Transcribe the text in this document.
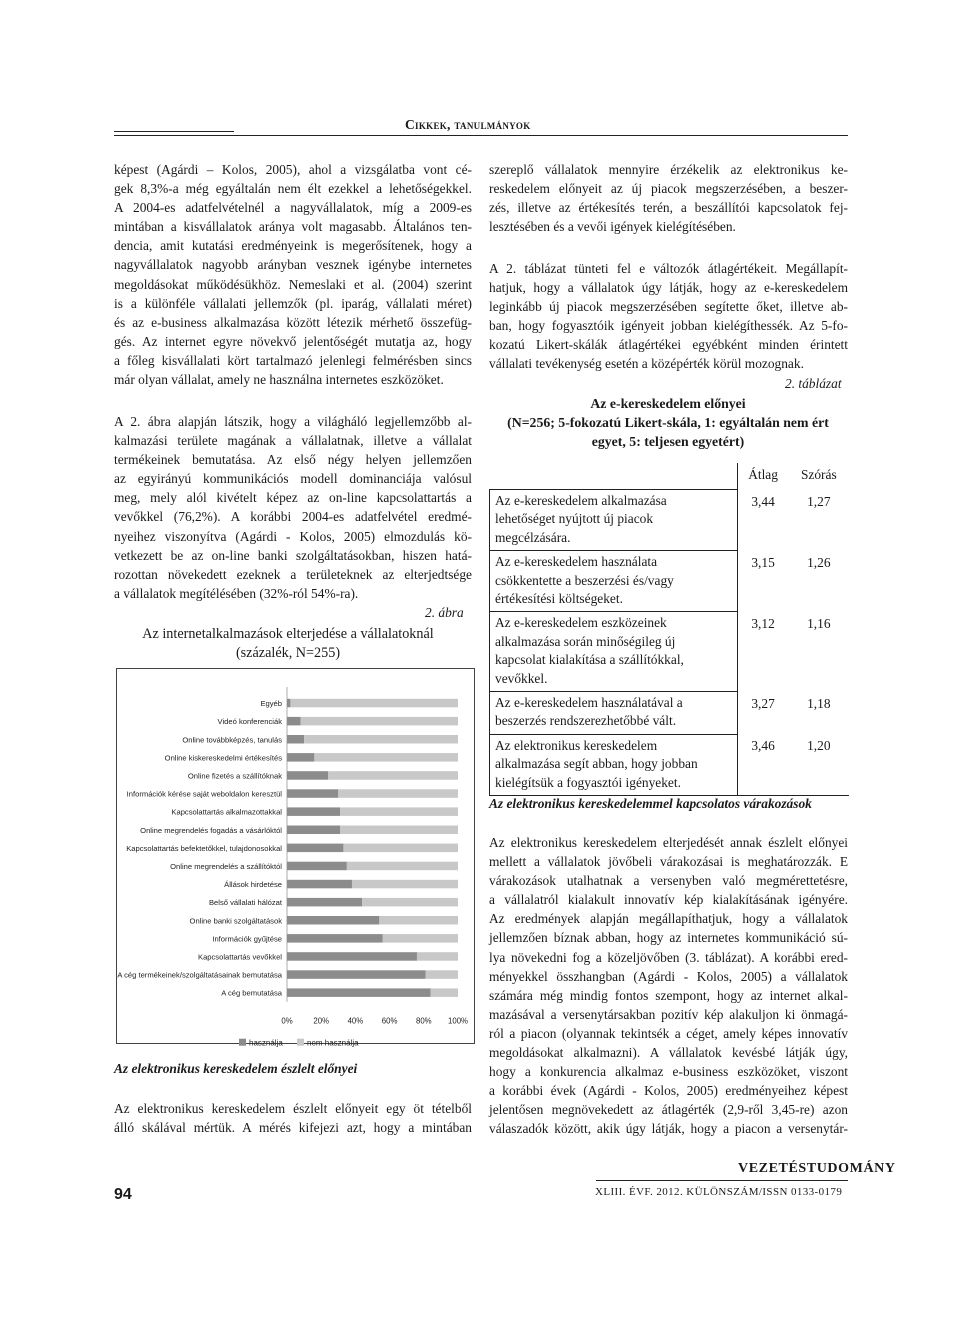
Cikkek, tanulmányok
képest (Agárdi – Kolos, 2005), ahol a vizsgálatba vont cé-
gek 8,3%-a még egyáltalán nem élt ezekkel a lehetőségekkel.
A 2004-es adatfelvételnél a nagyvállalatok, míg a 2009-es
mintában a kisvállalatok aránya volt magasabb. Általános ten-
dencia, amit kutatási eredményeink is megerősítenek, hogy a
nagyvállalatok nagyobb arányban vesznek igénybe internetes
megoldásokat működésükhöz. Nemeslaki et al. (2004) szerint
is a különféle vállalati jellemzők (pl. iparág, vállalati méret)
és az e-business alkalmazása között létezik mérhető összefüg-
gés. Az internet egyre növekvő jelentőségét mutatja az, hogy
a főleg kisvállalati kört tartalmazó jelenlegi felmérésben sincs
már olyan vállalat, amely ne használna internetes eszközöket.
A 2. ábra alapján látszik, hogy a világháló legjellemzőbb al-
kalmazási területe magának a vállalatnak, illetve a vállalat
termékeinek bemutatása. Az első négy helyen jellemzően
az egyirányú kommunikációs modell dominanciája valósul
meg, mely alól kivételt képez az on-line kapcsolattartás a
vevőkkel (76,2%). A korábbi 2004-es adatfelvétel eredmé-
nyeihez viszonyítva (Agárdi - Kolos, 2005) elmozdulás kö-
vetkezett be az on-line banki szolgáltatásokban, hiszen hatá-
rozottan növekedett ezeknek a területeknek az elterjedtsége
a vállalatok megítélésében (32%-ról 54%-ra).
2. ábra
Az internetalkalmazások elterjedése a vállalatoknál
(százalék, N=255)
Egyéb
Videó konferenciák
Online továbbképzés, tanulás
Online kiskereskedelmi értékesítés
Online fizetés a szállítóknak
Információk kérése saját weboldalon keresztül
Kapcsolattartás alkalmazottakkal
Online megrendelés fogadás a vásárlóktól
Kapcsolattartás befektetőkkel, tulajdonosokkal
Online megrendelés a szállítóktól
Állások hirdetése
Belső vállalati hálózat
Online banki szolgáltatások
Információk gyűjtése
Kapcsolattartás vevőkkel
A cég termékeinek/szolgáltatásainak bemutatása
A cég bemutatása
0%	20% 40% 60% 80% 100%
használja	nem használja
Az elektronikus kereskedelem észlelt előnyei
Az elektronikus kereskedelem észlelt előnyeit egy öt tételből
álló skálával mértük. A mérés kifejezi azt, hogy a mintában
szereplő vállalatok mennyire érzékelik az elektronikus ke-
reskedelem előnyeit az új piacok megszerzésében, a beszer-
zés, illetve az értékesítés terén, a beszállítói kapcsolatok fej-
lesztésében és a vevői igények kielégítésében.
A 2. táblázat tünteti fel e változók átlagértékeit. Megállapít-
hatjuk, hogy a vállalatok úgy látják, hogy az e-kereskedelem
leginkább új piacok megszerzésében segítette őket, illetve ab-
ban, hogy fogyasztóik igényeit jobban kielégíthessék. Az 5-fo-
kozatú Likert-skálák átlagértékei egyébként minden érintett
vállalati tevékenység esetén a középérték körül mozognak.
2. táblázat
Az e-kereskedelem előnyei
(N=256; 5-fokozatú Likert-skála, 1: egyáltalán nem ért
egyet, 5: teljesen egyetért)
	Átlag	Szórás

Az e-kereskedelem alkalmazása
lehetőséget nyújtott új piacok
megcélzására.	3,44	1,27

Az e-kereskedelem használata
csökkentette a beszerzési és/vagy
értékesítési költségeket.	3,15	1,26

Az e-kereskedelem eszközeinek
alkalmazása során minőségileg új
kapcsolat kialakítása a szállítókkal,
vevőkkel.	3,12	1,16

Az e-kereskedelem használatával a
beszerzés rendszerezhetőbbé vált.	3,27	1,18

Az elektronikus kereskedelem
alkalmazása segít abban, hogy jobban
kielégítsük a fogyasztói igényeket.	3,46	1,20
Az elektronikus kereskedelemmel kapcsolatos várakozások
Az elektronikus kereskedelem elterjedését annak észlelt előnyei
mellett a vállalatok jövőbeli várakozásai is meghatározzák. E
várakozások utalhatnak a versenyben való megmérettetésre,
a vállalatról kialakult innovatív kép kialakításának igényére.
Az eredmények alapján megállapíthatjuk, hogy a vállalatok
jellemzően bíznak abban, hogy az internetes kommunikáció sú-
lya növekedni fog a közeljövőben (3. táblázat). A korábbi ered-
ményekkel összhangban (Agárdi - Kolos, 2005) a vállalatok
számára még mindig fontos szempont, hogy az internet alkal-
mazásával a versenytársakban pozitív kép alakuljon ki önmagá-
ról a piacon (olyannak tekintsék a céget, amely képes innovatív
megoldásokat alkalmazni). A vállalatok kevésbé látják úgy,
hogy a konkurencia alkalmaz e-business eszközöket, viszont
a korábbi évek (Agárdi - Kolos, 2005) eredményeihez képest
jelentősen megnövekedett az átlagérték (2,9-ről 3,45-re) azon
válaszadók között, akik úgy látják, hogy a piacon a versenytár-
VEZETÉSTUDOMÁNY
XLIII. ÉVF. 2012. KÜLÖNSZÁM/ISSN 0133-0179
94
